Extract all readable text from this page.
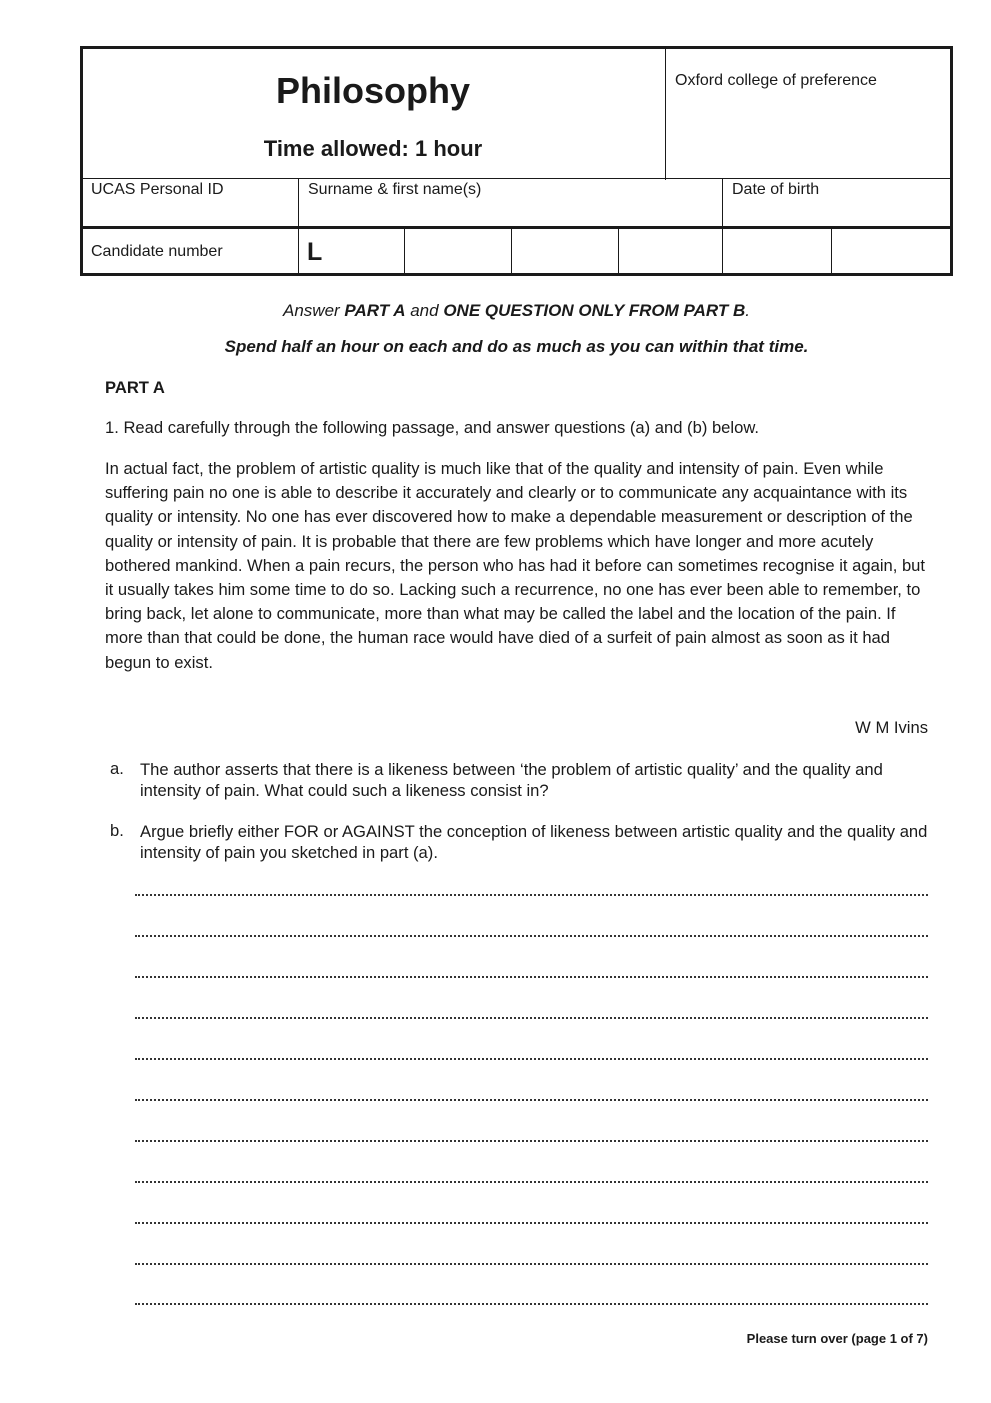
Philosophy
Time allowed: 1 hour
Oxford college of preference
UCAS Personal ID	Surname & first name(s)	Date of birth
Candidate number	L
Answer PART A and ONE QUESTION ONLY FROM PART B.
Spend half an hour on each and do as much as you can within that time.
PART A
1. Read carefully through the following passage, and answer questions (a) and (b) below.
In actual fact, the problem of artistic quality is much like that of the quality and intensity of pain. Even while suffering pain no one is able to describe it accurately and clearly or to communicate any acquaintance with its quality or intensity. No one has ever discovered how to make a dependable measurement or description of the quality or intensity of pain. It is probable that there are few problems which have longer and more acutely bothered mankind. When a pain recurs, the person who has had it before can sometimes recognise it again, but it usually takes him some time to do so. Lacking such a recurrence, no one has ever been able to remember, to bring back, let alone to communicate, more than what may be called the label and the location of the pain. If more than that could be done, the human race would have died of a surfeit of pain almost as soon as it had begun to exist.
W M Ivins
a. The author asserts that there is a likeness between ‘the problem of artistic quality’ and the quality and intensity of pain. What could such a likeness consist in?
b. Argue briefly either FOR or AGAINST the conception of likeness between artistic quality and the quality and intensity of pain you sketched in part (a).
Please turn over (page 1 of 7)
